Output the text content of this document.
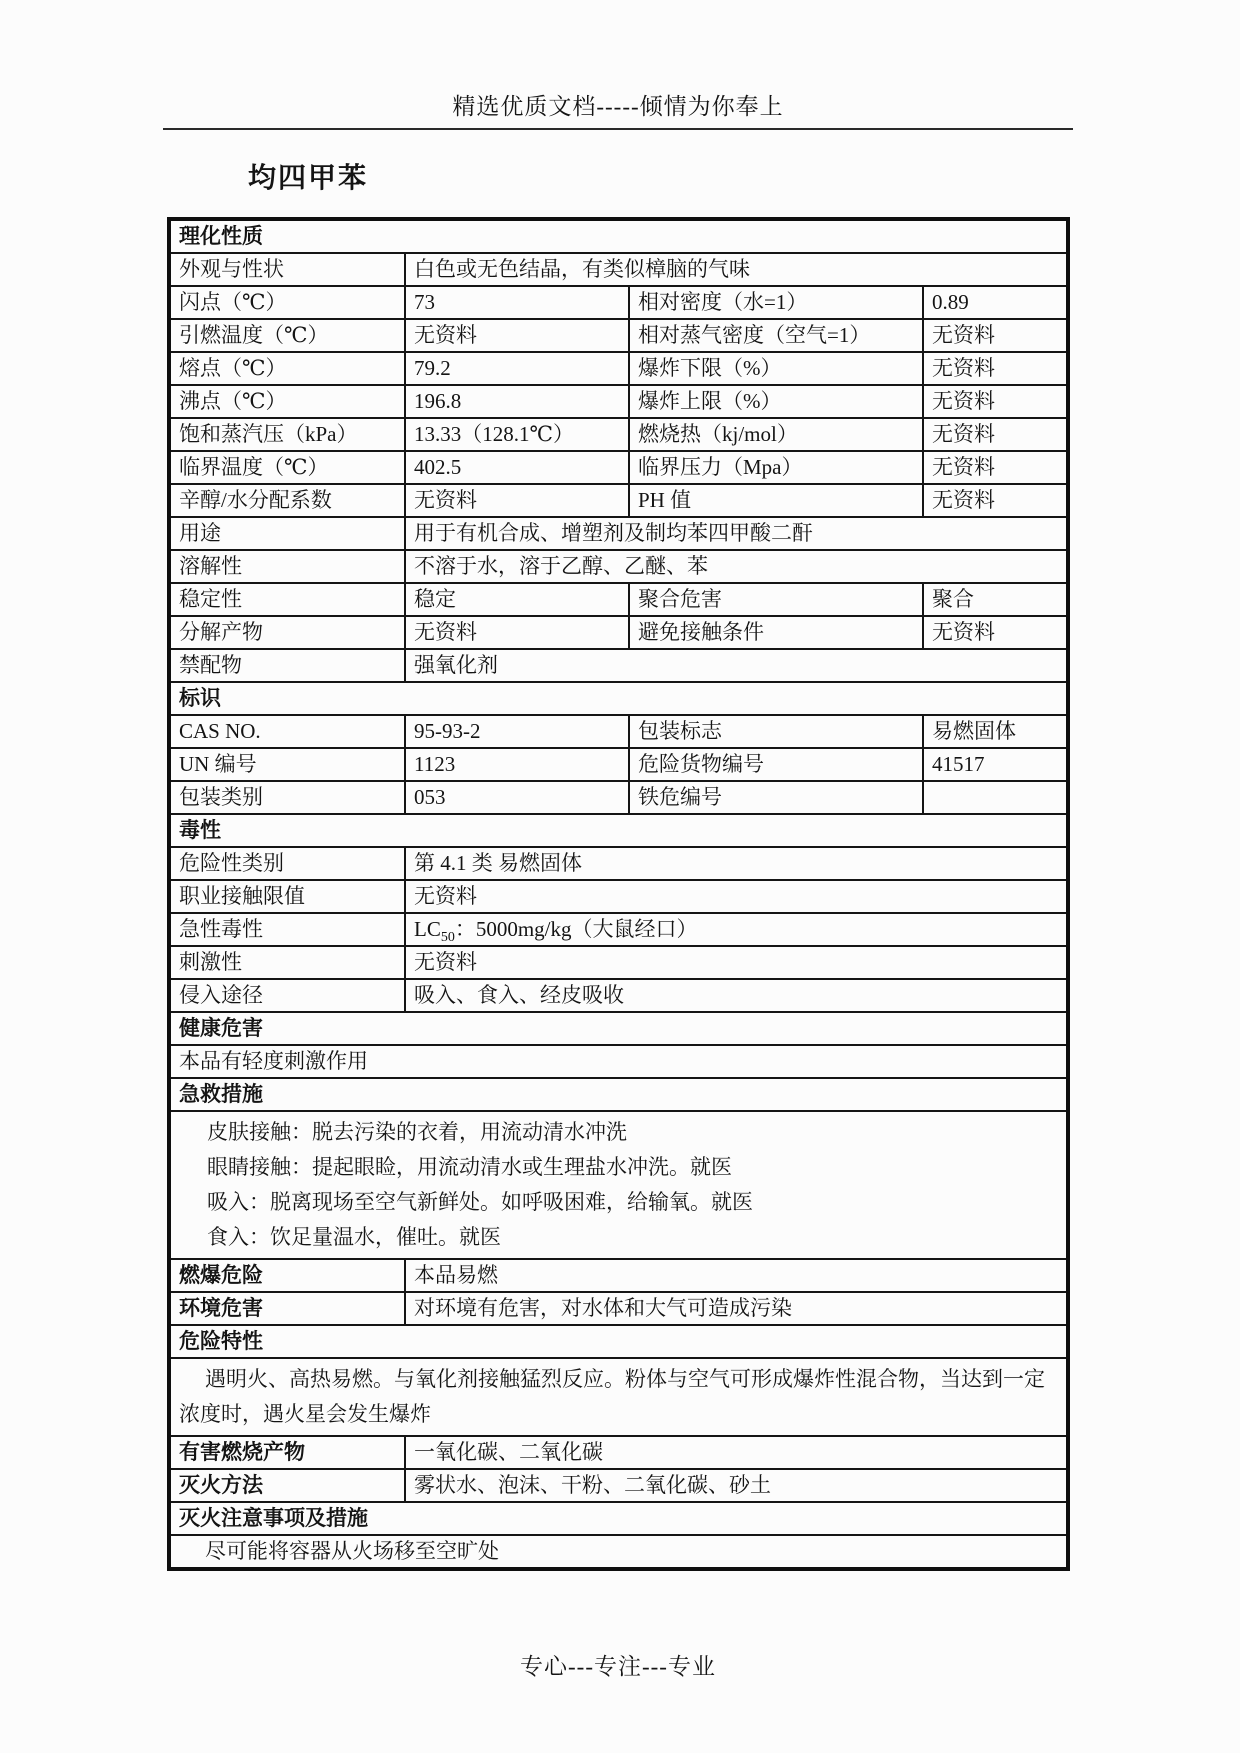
精选优质文档-----倾情为你奉上
均四甲苯
理化性质			
外观与性状	白色或无色结晶，有类似樟脑的气味		
闪点（℃）	73	相对密度（水=1）	0.89
引燃温度（℃）	无资料	相对蒸气密度（空气=1）	无资料
熔点（℃）	79.2	爆炸下限（%）	无资料
沸点（℃）	196.8	爆炸上限（%）	无资料
饱和蒸汽压（kPa）	13.33（128.1℃）	燃烧热（kj/mol）	无资料
临界温度（℃）	402.5	临界压力（Mpa）	无资料
辛醇/水分配系数	无资料	PH 值	无资料
用途	用于有机合成、增塑剂及制均苯四甲酸二酐		
溶解性	不溶于水，溶于乙醇、乙醚、苯		
稳定性	稳定	聚合危害	聚合
分解产物	无资料	避免接触条件	无资料
禁配物	强氧化剂		
标识			
CAS NO.	95-93-2	包装标志	易燃固体
UN 编号	1123	危险货物编号	41517
包装类别	053	铁危编号	
毒性			
危险性类别	第 4.1 类 易燃固体		
职业接触限值	无资料		
急性毒性	$LC_{50}$：5000mg/kg（大鼠经口）		
刺激性	无资料		
侵入途径	吸入、食入、经皮吸收		
健康危害			
本品有轻度刺激作用			
急救措施			

皮肤接触：脱去污染的衣着，用流动清水冲洗
眼睛接触：提起眼睑，用流动清水或生理盐水冲洗。就医
吸入：脱离现场至空气新鲜处。如呼吸困难，给输氧。就医
食入：饮足量温水，催吐。就医			

燃爆危险	本品易燃		
环境危害	对环境有危害，对水体和大气可造成污染		
危险特性			

遇明火、高热易燃。与氧化剂接触猛烈反应。粉体与空气可形成爆炸性混合物，当达到一定浓度时，遇火星会发生爆炸			

有害燃烧产物	一氧化碳、二氧化碳		
灭火方法	雾状水、泡沫、干粉、二氧化碳、砂土		
灭火注意事项及措施			
尽可能将容器从火场移至空旷处			
专心---专注---专业
